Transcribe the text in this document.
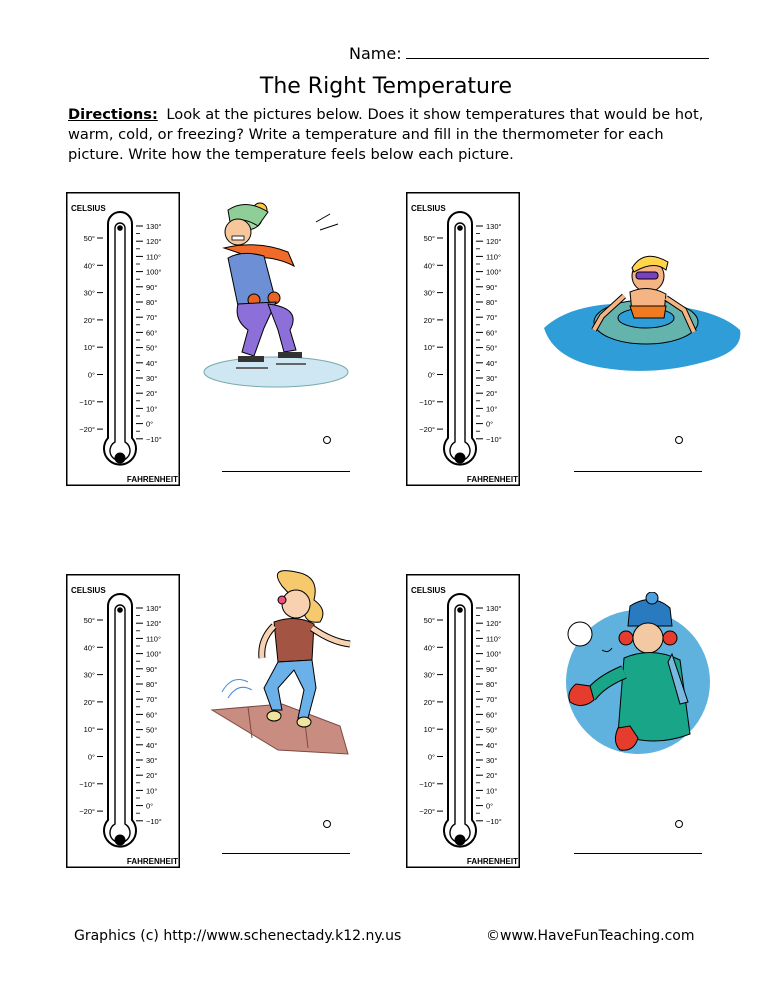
Name:
The Right Temperature
Directions: Look at the pictures below. Does it show temperatures that would be hot, warm, cold, or freezing? Write a temperature and fill in the thermometer for each picture. Write how the temperature feels below each picture.
CELSIUS
FAHRENHEIT
50°
40°
30°
20°
10°
0°
−10°
−20°
130°
120°
110°
100°
90°
80°
70°
60°
50°
40°
30°
20°
10°
0°
−10°
CELSIUS
FAHRENHEIT
50°
40°
30°
20°
10°
0°
−10°
−20°
130°
120°
110°
100°
90°
80°
70°
60°
50°
40°
30°
20°
10°
0°
−10°
CELSIUS
FAHRENHEIT
50°
40°
30°
20°
10°
0°
−10°
−20°
130°
120°
110°
100°
90°
80°
70°
60°
50°
40°
30°
20°
10°
0°
−10°
CELSIUS
FAHRENHEIT
50°
40°
30°
20°
10°
0°
−10°
−20°
130°
120°
110°
100°
90°
80°
70°
60°
50°
40°
30°
20°
10°
0°
−10°
Graphics (c) http://www.schenectady.k12.ny.us	©www.HaveFunTeaching.com
